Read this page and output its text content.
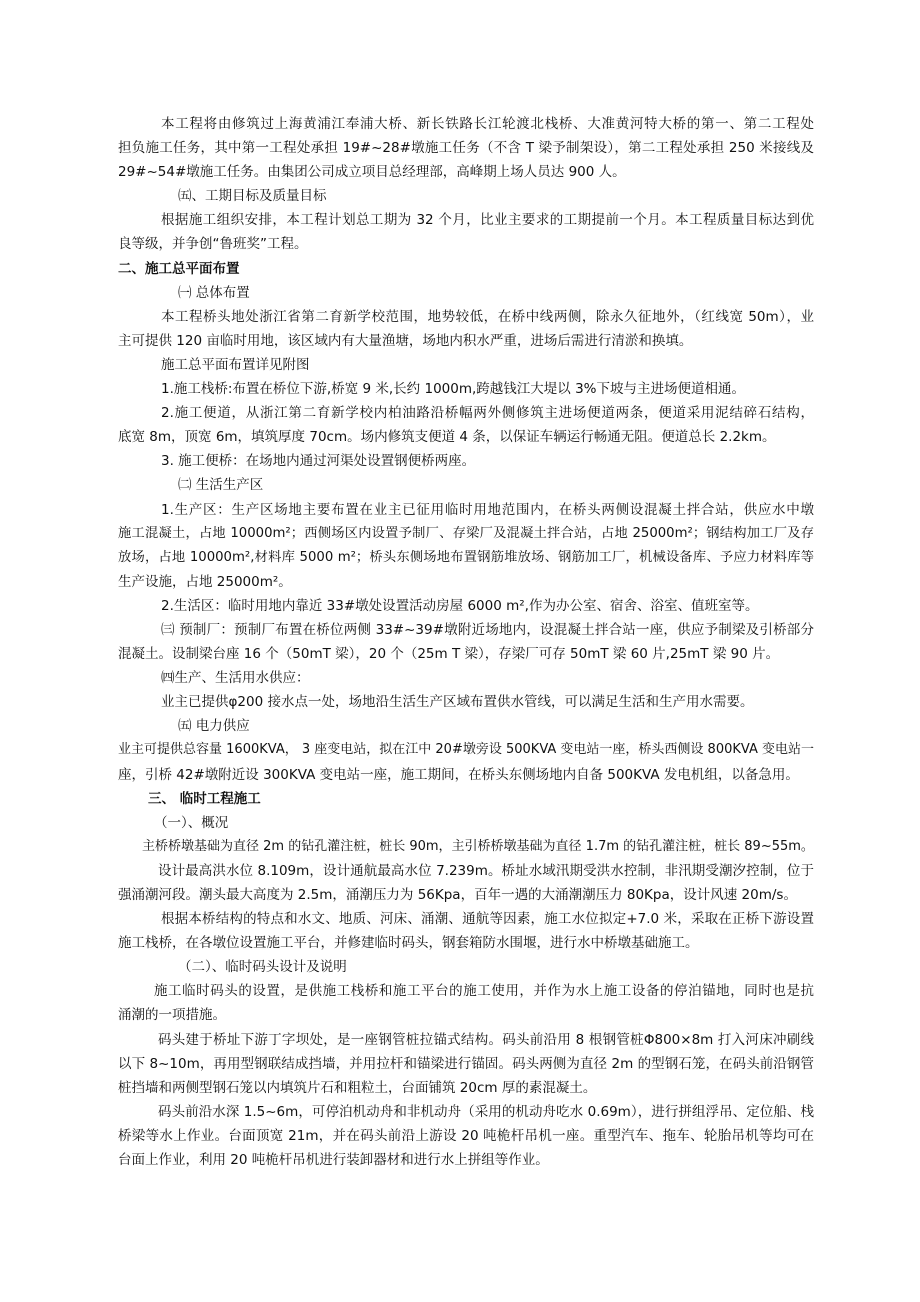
本工程将由修筑过上海黄浦江奉浦大桥、新长铁路长江轮渡北栈桥、大准黄河特大桥的第一、第二工程处
担负施工任务，其中第一工程处承担 19#~28#墩施工任务（不含 T 梁予制架设），第二工程处承担 250 米接线及
29#~54#墩施工任务。由集团公司成立项目总经理部，高峰期上场人员达 900 人。
㈤、工期目标及质量目标
根据施工组织安排，本工程计划总工期为 32 个月，比业主要求的工期提前一个月。本工程质量目标达到优
良等级，并争创“鲁班奖”工程。
二、施工总平面布置
㈠ 总体布置
本工程桥头地处浙江省第二育新学校范围，地势较低，在桥中线两侧，除永久征地外，（红线宽 50m），业
主可提供 120 亩临时用地，该区域内有大量渔塘，场地内积水严重，进场后需进行清淤和换填。
施工总平面布置详见附图
1.施工栈桥:布置在桥位下游,桥宽 9 米,长约 1000m,跨越钱江大堤以 3%下坡与主进场便道相通。
2.施工便道，从浙江第二育新学校内柏油路沿桥幅两外侧修筑主进场便道两条，便道采用泥结碎石结构，
底宽 8m，顶宽 6m，填筑厚度 70cm。场内修筑支便道 4 条，以保证车辆运行畅通无阻。便道总长 2.2km。
3. 施工便桥：在场地内通过河渠处设置钢便桥两座。
㈡ 生活生产区
1.生产区：生产区场地主要布置在业主已征用临时用地范围内，在桥头两侧设混凝土拌合站，供应水中墩
施工混凝土，占地 10000m²；西侧场区内设置予制厂、存梁厂及混凝土拌合站，占地 25000m²；钢结构加工厂及存
放场，占地 10000m²,材料库 5000 m²；桥头东侧场地布置钢筋堆放场、钢筋加工厂，机械设备库、予应力材料库等
生产设施，占地 25000m²。
2.生活区：临时用地内靠近 33#墩处设置活动房屋 6000 m²,作为办公室、宿舍、浴室、值班室等。
㈢ 预制厂：预制厂布置在桥位两侧 33#~39#墩附近场地内，设混凝土拌合站一座，供应予制梁及引桥部分
混凝土。设制梁台座 16 个（50mT 梁），20 个（25m T 梁），存梁厂可存 50mT 梁 60 片,25mT 梁 90 片。
㈣生产、生活用水供应：
业主已提供φ200 接水点一处，场地沿生活生产区域布置供水管线，可以满足生活和生产用水需要。
㈤ 电力供应
业主可提供总容量 1600KVA， 3 座变电站，拟在江中 20#墩旁设 500KVA 变电站一座，桥头西侧设 800KVA 变电站一
座，引桥 42#墩附近设 300KVA 变电站一座，施工期间，在桥头东侧场地内自备 500KVA 发电机组，以备急用。
三、 临时工程施工
（一）、概况
主桥桥墩基础为直径 2m 的钻孔灌注桩，桩长 90m，主引桥桥墩基础为直径 1.7m 的钻孔灌注桩，桩长 89~55m。
设计最高洪水位 8.109m，设计通航最高水位 7.239m。桥址水域汛期受洪水控制，非汛期受潮汐控制，位于
强涌潮河段。潮头最大高度为 2.5m，涌潮压力为 56Kpa，百年一遇的大涌潮潮压力 80Kpa，设计风速 20m/s。
根据本桥结构的特点和水文、地质、河床、涌潮、通航等因素，施工水位拟定+7.0 米，采取在正桥下游设置
施工栈桥，在各墩位设置施工平台，并修建临时码头，钢套箱防水围堰，进行水中桥墩基础施工。
（二）、临时码头设计及说明
施工临时码头的设置，是供施工栈桥和施工平台的施工使用，并作为水上施工设备的停泊锚地，同时也是抗
涌潮的一项措施。
码头建于桥址下游丁字坝处，是一座钢管桩拉锚式结构。码头前沿用 8 根钢管桩Φ800×8m 打入河床冲刷线
以下 8~10m，再用型钢联结成挡墙，并用拉杆和锚梁进行锚固。码头两侧为直径 2m 的型钢石笼，在码头前沿钢管
桩挡墙和两侧型钢石笼以内填筑片石和粗粒土，台面铺筑 20cm 厚的素混凝土。
码头前沿水深 1.5~6m，可停泊机动舟和非机动舟（采用的机动舟吃水 0.69m），进行拼组浮吊、定位船、栈
桥梁等水上作业。台面顶宽 21m，并在码头前沿上游设 20 吨桅杆吊机一座。重型汽车、拖车、轮胎吊机等均可在
台面上作业，利用 20 吨桅杆吊机进行装卸器材和进行水上拼组等作业。
